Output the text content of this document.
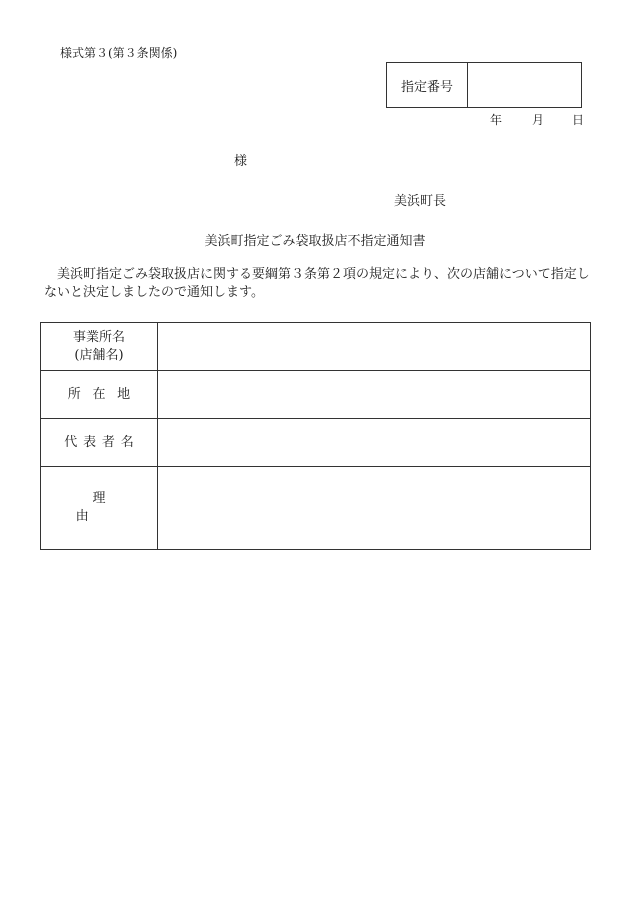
様式第３(第３条関係)
指定番号
年 月 日
様
美浜町長
美浜町指定ごみ袋取扱店不指定通知書
美浜町指定ごみ袋取扱店に関する要綱第３条第２項の規定により、次の店舗について指定しないと決定しましたので通知します。
事業所名
(店舗名)	

所在地	
代表者名	
理由	
